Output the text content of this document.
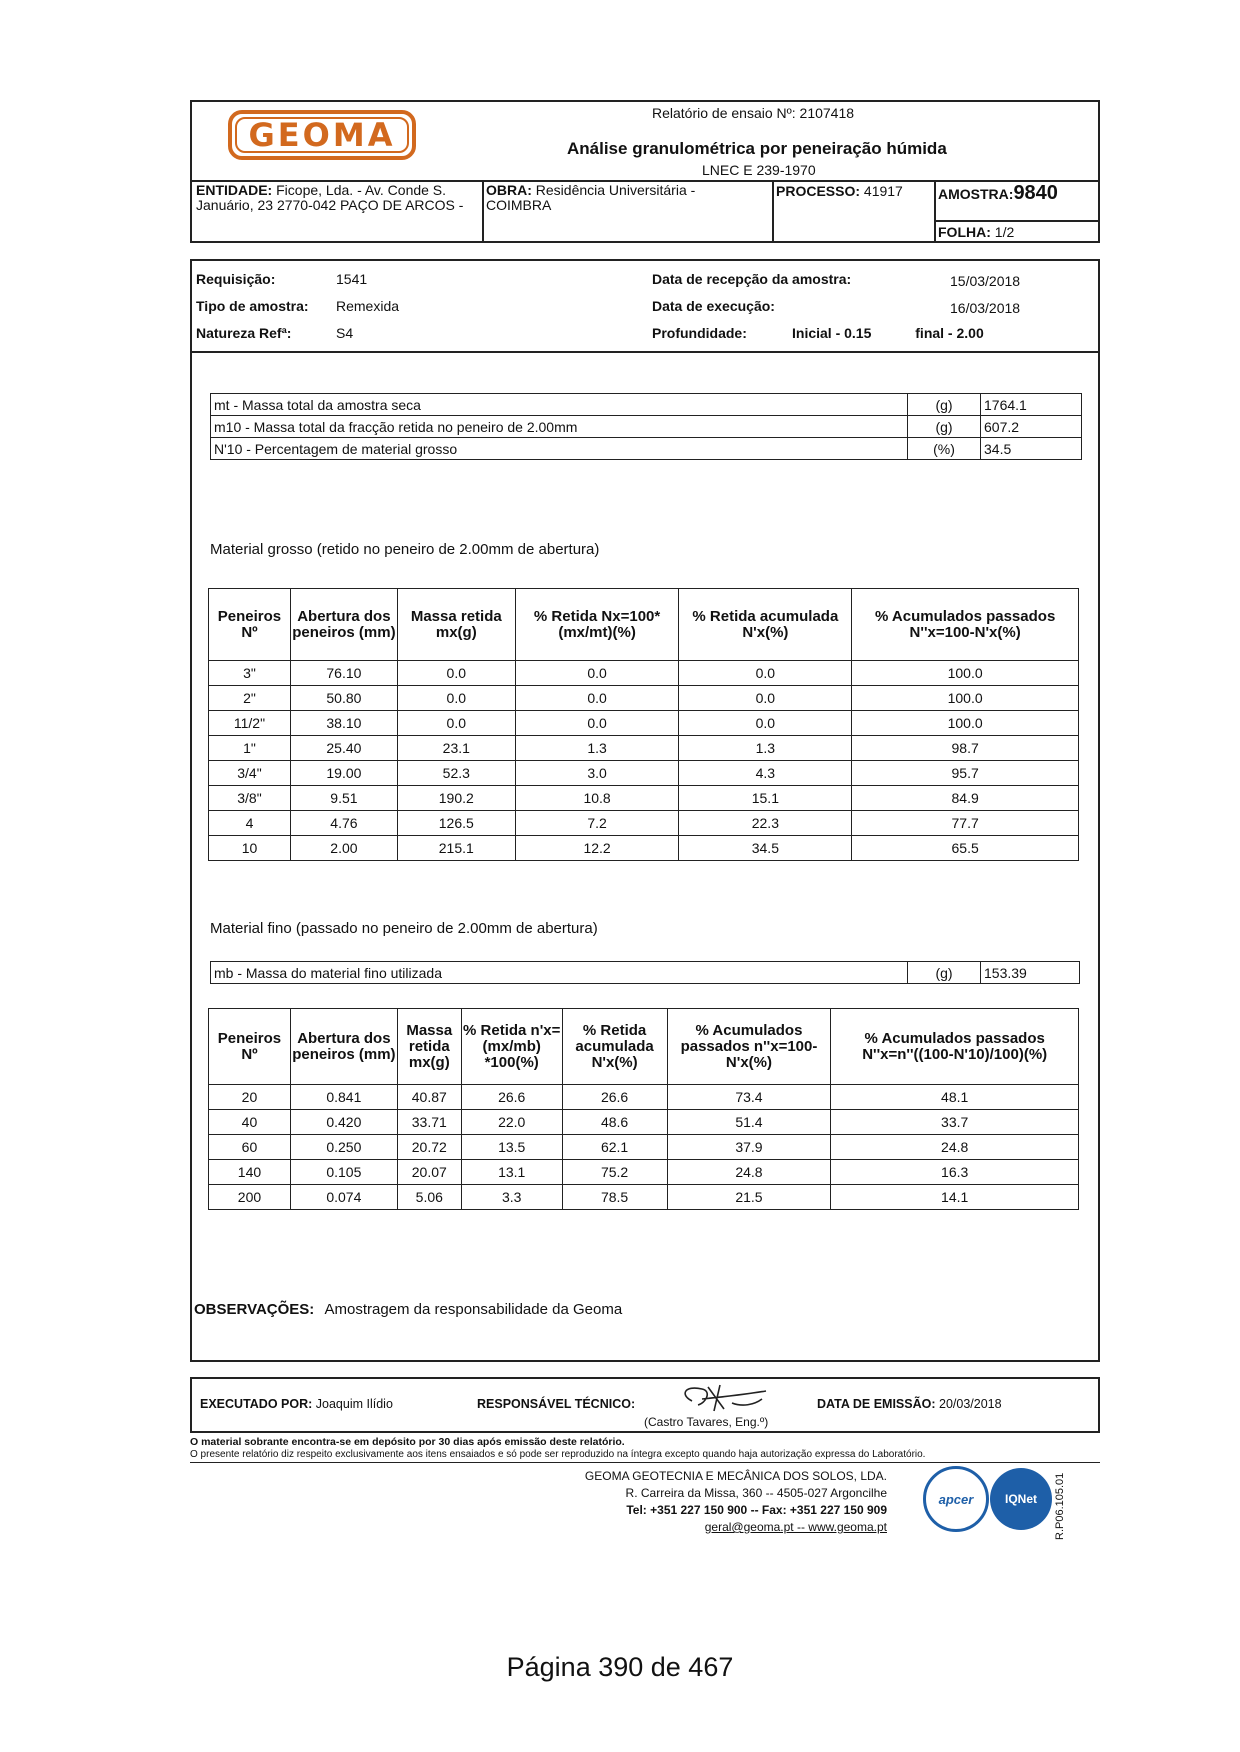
GEOMA
Relatório de ensaio Nº: 2107418
Análise granulométrica por peneiração húmida
LNEC E 239-1970
ENTIDADE: Ficope, Lda. - Av. Conde S. Januário, 23 2770-042 PAÇO DE ARCOS -
OBRA: Residência Universitária - COIMBRA
PROCESSO: 41917	AMOSTRA:9840
FOLHA: 1/2
Requisição:	1541
Tipo de amostra: Remexida
Natureza Refª:	S4
Data de recepção da amostra:	15/03/2018
Data de execução:	16/03/2018
Profundidade:	Inicial - 0.15	final - 2.00
mt - Massa total da amostra seca	(g)	1764.1
m10 - Massa total da fracção retida no peneiro de 2.00mm	(g)	607.2
N'10 - Percentagem de material grosso	(%)	34.5
Material grosso (retido no peneiro de 2.00mm de abertura)
Peneiros Nº	Abertura dos peneiros (mm)	Massa retida mx(g)	% Retida Nx=100*(mx/mt)(%)	% Retida acumulada N'x(%)	% Acumulados passados N''x=100-N'x(%)
3"	76.10	0.0	0.0	0.0	100.0
2"	50.80	0.0	0.0	0.0	100.0
11/2"	38.10	0.0	0.0	0.0	100.0
1"	25.40	23.1	1.3	1.3	98.7
3/4"	19.00	52.3	3.0	4.3	95.7
3/8"	9.51	190.2	10.8	15.1	84.9
4	4.76	126.5	7.2	22.3	77.7
10	2.00	215.1	12.2	34.5	65.5
Material fino (passado no peneiro de 2.00mm de abertura)
mb - Massa do material fino utilizada	(g)	153.39
Peneiros Nº	Abertura dos peneiros (mm)	Massa retida mx(g)	% Retida n'x=(mx/mb) *100(%)	% Retida acumulada N'x(%)	% Acumulados passados n''x=100-N'x(%)	% Acumulados passados N''x=n''((100-N'10)/100)(%)
20	0.841	40.87	26.6	26.6	73.4	48.1
40	0.420	33.71	22.0	48.6	51.4	33.7
60	0.250	20.72	13.5	62.1	37.9	24.8
140	0.105	20.07	13.1	75.2	24.8	16.3
200	0.074	5.06	3.3	78.5	21.5	14.1
OBSERVAÇÕES: Amostragem da responsabilidade da Geoma
EXECUTADO POR: Joaquim Ilídio	RESPONSÁVEL TÉCNICO:
(Castro Tavares, Eng.º)
DATA DE EMISSÃO: 20/03/2018
O material sobrante encontra-se em depósito por 30 dias após emissão deste relatório.
O presente relatório diz respeito exclusivamente aos itens ensaiados e só pode ser reproduzido na íntegra excepto quando haja autorização expressa do Laboratório.
GEOMA GEOTECNIA E MECÂNICA DOS SOLOS, LDA.
R. Carreira da Missa, 360 -- 4505-027 Argoncilhe
Tel: +351 227 150 900 -- Fax: +351 227 150 909
geral@geoma.pt -- www.geoma.pt
apcer	IQNet R.P06.105.01
Página 390 de 467
